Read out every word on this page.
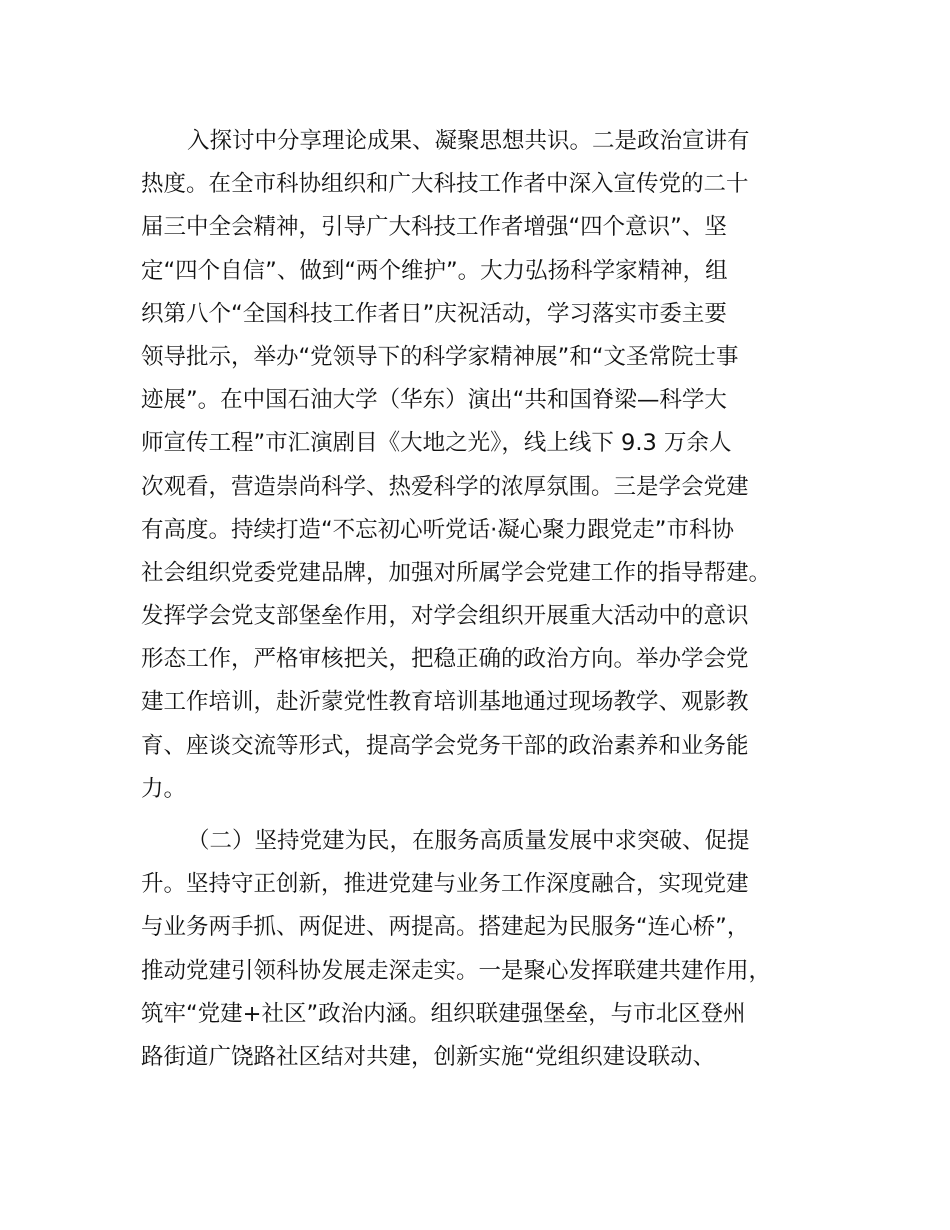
入探讨中分享理论成果、凝聚思想共识。二是政治宣讲有
热度。在全市科协组织和广大科技工作者中深入宣传党的二十
届三中全会精神，引导广大科技工作者增强“四个意识”、坚
定“四个自信”、做到“两个维护”。大力弘扬科学家精神，组
织第八个“全国科技工作者日”庆祝活动，学习落实市委主要
领导批示，举办“党领导下的科学家精神展”和“文圣常院士事
迹展”。在中国石油大学（华东）演出“共和国脊梁—科学大
师宣传工程”市汇演剧目《大地之光》，线上线下 9.3 万余人
次观看，营造崇尚科学、热爱科学的浓厚氛围。三是学会党建
有高度。持续打造“不忘初心听党话·凝心聚力跟党走”市科协
社会组织党委党建品牌，加强对所属学会党建工作的指导帮建。
发挥学会党支部堡垒作用，对学会组织开展重大活动中的意识
形态工作，严格审核把关，把稳正确的政治方向。举办学会党
建工作培训，赴沂蒙党性教育培训基地通过现场教学、观影教
育、座谈交流等形式，提高学会党务干部的政治素养和业务能
力。
（二）坚持党建为民，在服务高质量发展中求突破、促提
升。坚持守正创新，推进党建与业务工作深度融合，实现党建
与业务两手抓、两促进、两提高。搭建起为民服务“连心桥”，
推动党建引领科协发展走深走实。一是聚心发挥联建共建作用，
筑牢“党建+社区”政治内涵。组织联建强堡垒，与市北区登州
路街道广饶路社区结对共建，创新实施“党组织建设联动、
